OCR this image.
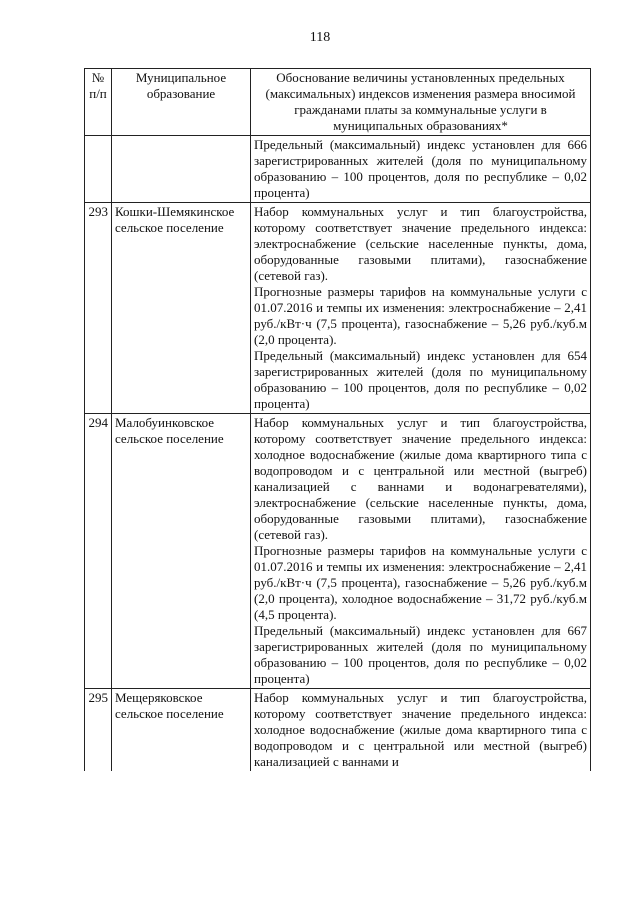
118
№ п/п	Муниципальное образование	Обоснование величины установленных предельных (максимальных) индексов изменения размера вносимой гражданами платы за коммунальные услуги в муниципальных образованиях*

		Предельный (максимальный) индекс установлен для 666 зарегистрированных жителей (доля по муниципальному образованию – 100 процентов, доля по республике – 0,02 процента)

293	Кошки-Шемякинское сельское поселение	Набор коммунальных услуг и тип благоустройства, которому соответствует значение предельного индекса: электроснабжение (сельские населенные пункты, дома, оборудованные газовыми плитами), газоснабжение (сетевой газ).

Прогнозные размеры тарифов на коммунальные услуги с 01.07.2016 и темпы их изменения: электроснабжение – 2,41 руб./кВт·ч (7,5 процента), газоснабжение – 5,26 руб./куб.м (2,0 процента).

Предельный (максимальный) индекс установлен для 654 зарегистрированных жителей (доля по муниципальному образованию – 100 процентов, доля по республике – 0,02 процента)

294	Малобуинковское сельское поселение	Набор коммунальных услуг и тип благоустройства, которому соответствует значение предельного индекса: холодное водоснабжение (жилые дома квартирного типа с водопроводом и с центральной или местной (выгреб) канализацией с ваннами и водонагревателями), электроснабжение (сельские населенные пункты, дома, оборудованные газовыми плитами), газоснабжение (сетевой газ).

Прогнозные размеры тарифов на коммунальные услуги с 01.07.2016 и темпы их изменения: электроснабжение – 2,41 руб./кВт·ч (7,5 процента), газоснабжение – 5,26 руб./куб.м (2,0 процента), холодное водоснабжение – 31,72 руб./куб.м (4,5 процента).

Предельный (максимальный) индекс установлен для 667 зарегистрированных жителей (доля по муниципальному образованию – 100 процентов, доля по республике – 0,02 процента)

295	Мещеряковское сельское поселение	Набор коммунальных услуг и тип благоустройства, которому соответствует значение предельного индекса: холодное водоснабжение (жилые дома квартирного типа с водопроводом и с центральной или местной (выгреб) канализацией с ваннами и
